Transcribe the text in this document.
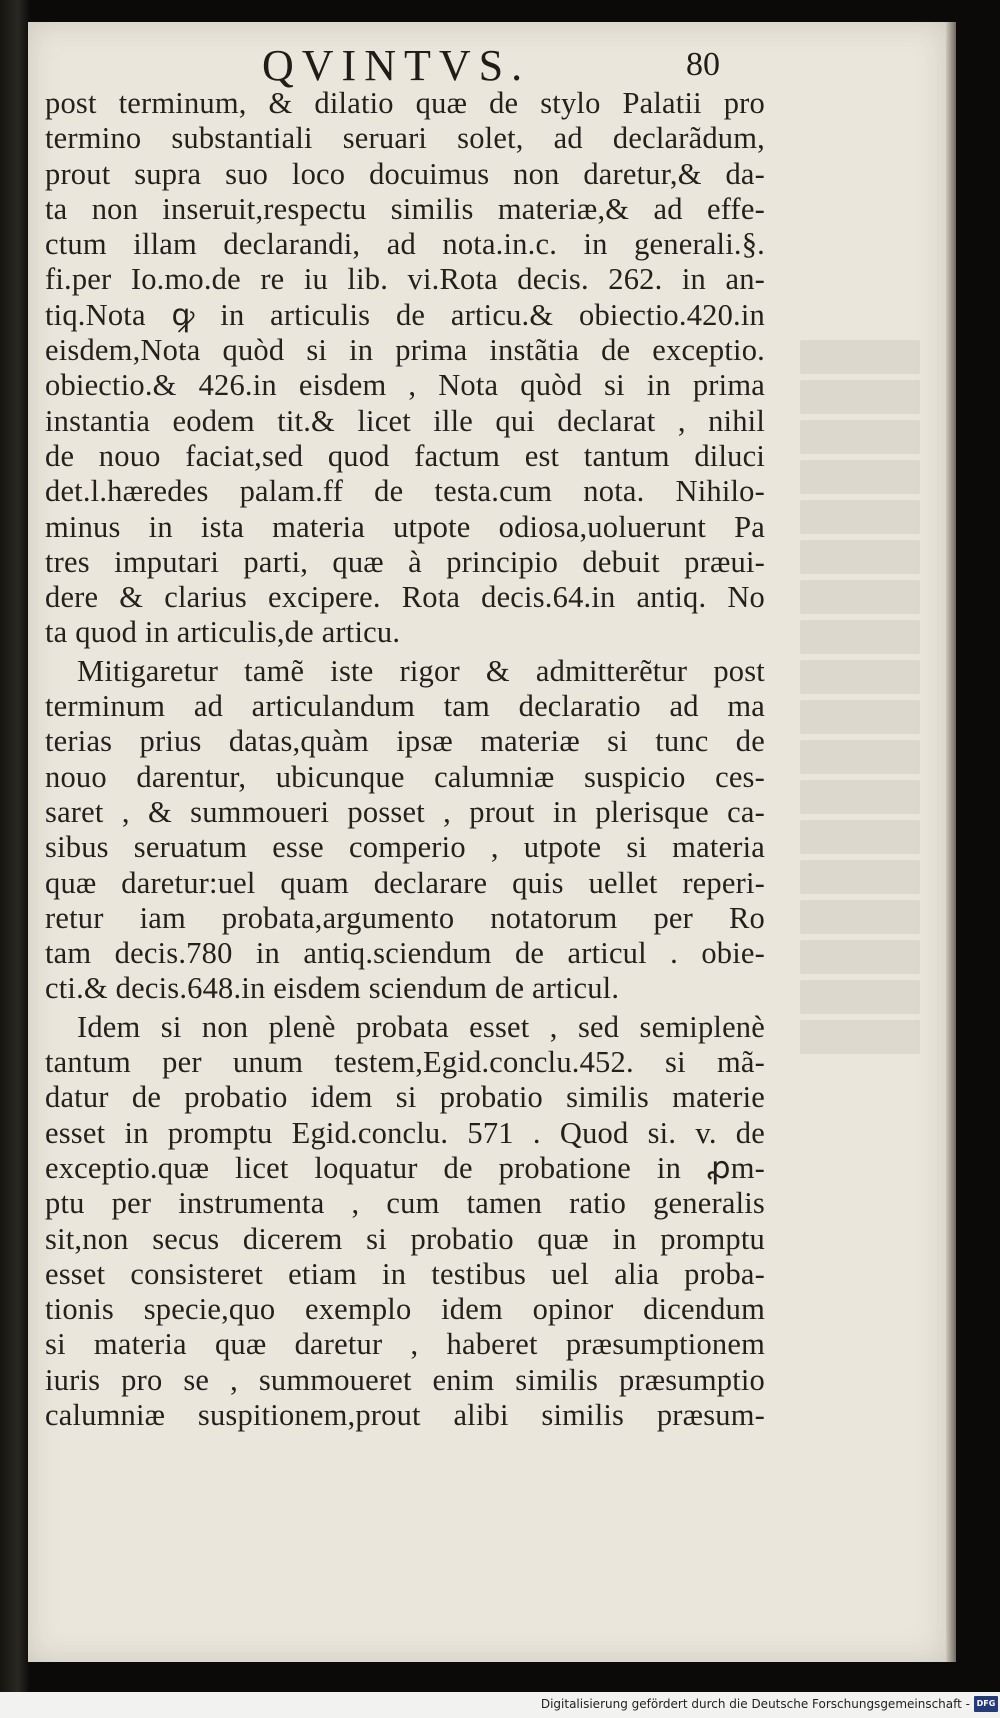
QVINTVS.	80
post terminum, & dilatio quæ de stylo Palatii pro
termino substantiali seruari solet, ad declarãdum,
prout supra suo loco docuimus non daretur,& da-
ta non inseruit,respectu similis materiæ,& ad effe-
ctum illam declarandi, ad nota.in.c. in generali.§.
fi.per Io.mo.de re iu lib. vi.Rota decis. 262. in an-
tiq.Nota ꝙ in articulis de articu.& obiectio.420.in
eisdem,Nota quòd si in prima instãtia de exceptio.
obiectio.& 426.in eisdem , Nota quòd si in prima
instantia eodem tit.& licet ille qui declarat , nihil
de nouo faciat,sed quod factum est tantum diluci
det.l.hæredes palam.ff de testa.cum nota. Nihilo-
minus in ista materia utpote odiosa,uoluerunt Pa
tres imputari parti, quæ à principio debuit præui-
dere & clarius excipere. Rota decis.64.in antiq. No
ta quod in articulis,de articu.
Mitigaretur tamẽ iste rigor & admitterẽtur post
terminum ad articulandum tam declaratio ad ma
terias prius datas,quàm ipsæ materiæ si tunc de
nouo darentur, ubicunque calumniæ suspicio ces-
saret , & summoueri posset , prout in plerisque ca-
sibus seruatum esse comperio , utpote si materia
quæ daretur:uel quam declarare quis uellet reperi-
retur iam probata,argumento notatorum per Ro
tam decis.780 in antiq.sciendum de articul . obie-
cti.& decis.648.in eisdem sciendum de articul.
Idem si non plenè probata esset , sed semiplenè
tantum per unum testem,Egid.conclu.452. si mã-
datur de probatio idem si probatio similis materie
esset in promptu Egid.conclu. 571 . Quod si. v. de
exceptio.quæ licet loquatur de probatione in ꝓm-
ptu per instrumenta , cum tamen ratio generalis
sit,non secus dicerem si probatio quæ in promptu
esset consisteret etiam in testibus uel alia proba-
tionis specie,quo exemplo idem opinor dicendum
si materia quæ daretur , haberet præsumptionem
iuris pro se , summoueret enim similis præsumptio
calumniæ suspitionem,prout alibi similis præsum-
Digitalisierung gefördert durch die Deutsche Forschungsgemeinschaft - DFG
